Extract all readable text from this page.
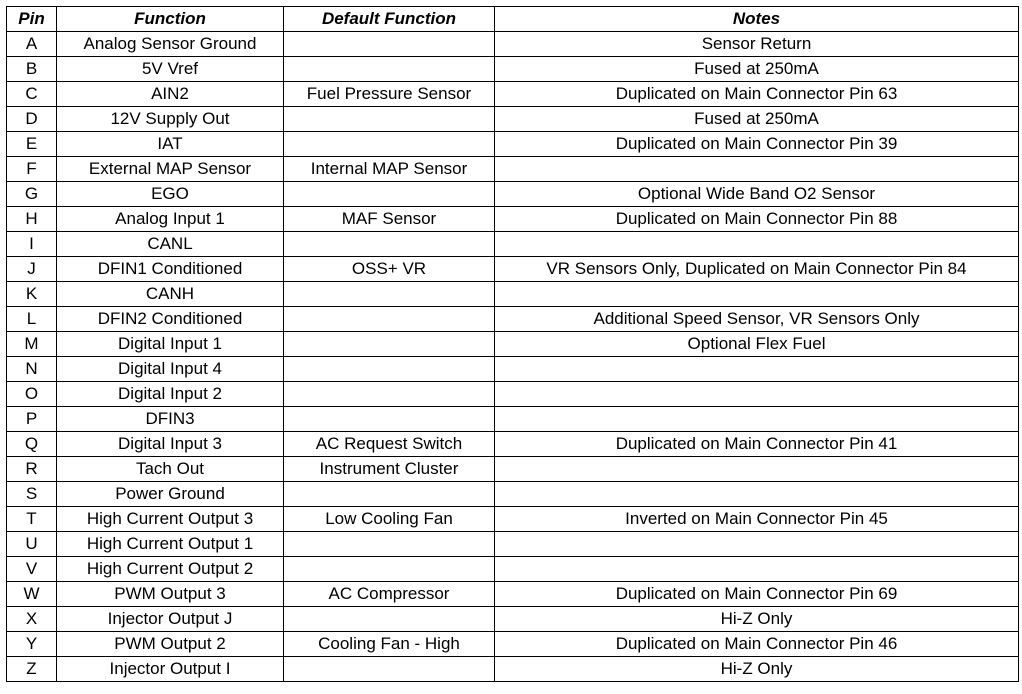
Pin	Function	Default Function	Notes
A	Analog Sensor Ground		Sensor Return
B	5V Vref		Fused at 250mA
C	AIN2	Fuel Pressure Sensor	Duplicated on Main Connector Pin 63
D	12V Supply Out		Fused at 250mA
E	IAT		Duplicated on Main Connector Pin 39
F	External MAP Sensor	Internal MAP Sensor	
G	EGO		Optional Wide Band O2 Sensor
H	Analog Input 1	MAF Sensor	Duplicated on Main Connector Pin 88
I	CANL		
J	DFIN1 Conditioned	OSS+ VR	VR Sensors Only, Duplicated on Main Connector Pin 84
K	CANH		
L	DFIN2 Conditioned		Additional Speed Sensor, VR Sensors Only
M	Digital Input 1		Optional Flex Fuel
N	Digital Input 4		
O	Digital Input 2		
P	DFIN3		
Q	Digital Input 3	AC Request Switch	Duplicated on Main Connector Pin 41
R	Tach Out	Instrument Cluster	
S	Power Ground		
T	High Current Output 3	Low Cooling Fan	Inverted on Main Connector Pin 45
U	High Current Output 1		
V	High Current Output 2		
W	PWM Output 3	AC Compressor	Duplicated on Main Connector Pin 69
X	Injector Output J		Hi-Z Only
Y	PWM Output 2	Cooling Fan - High	Duplicated on Main Connector Pin 46
Z	Injector Output I		Hi-Z Only
